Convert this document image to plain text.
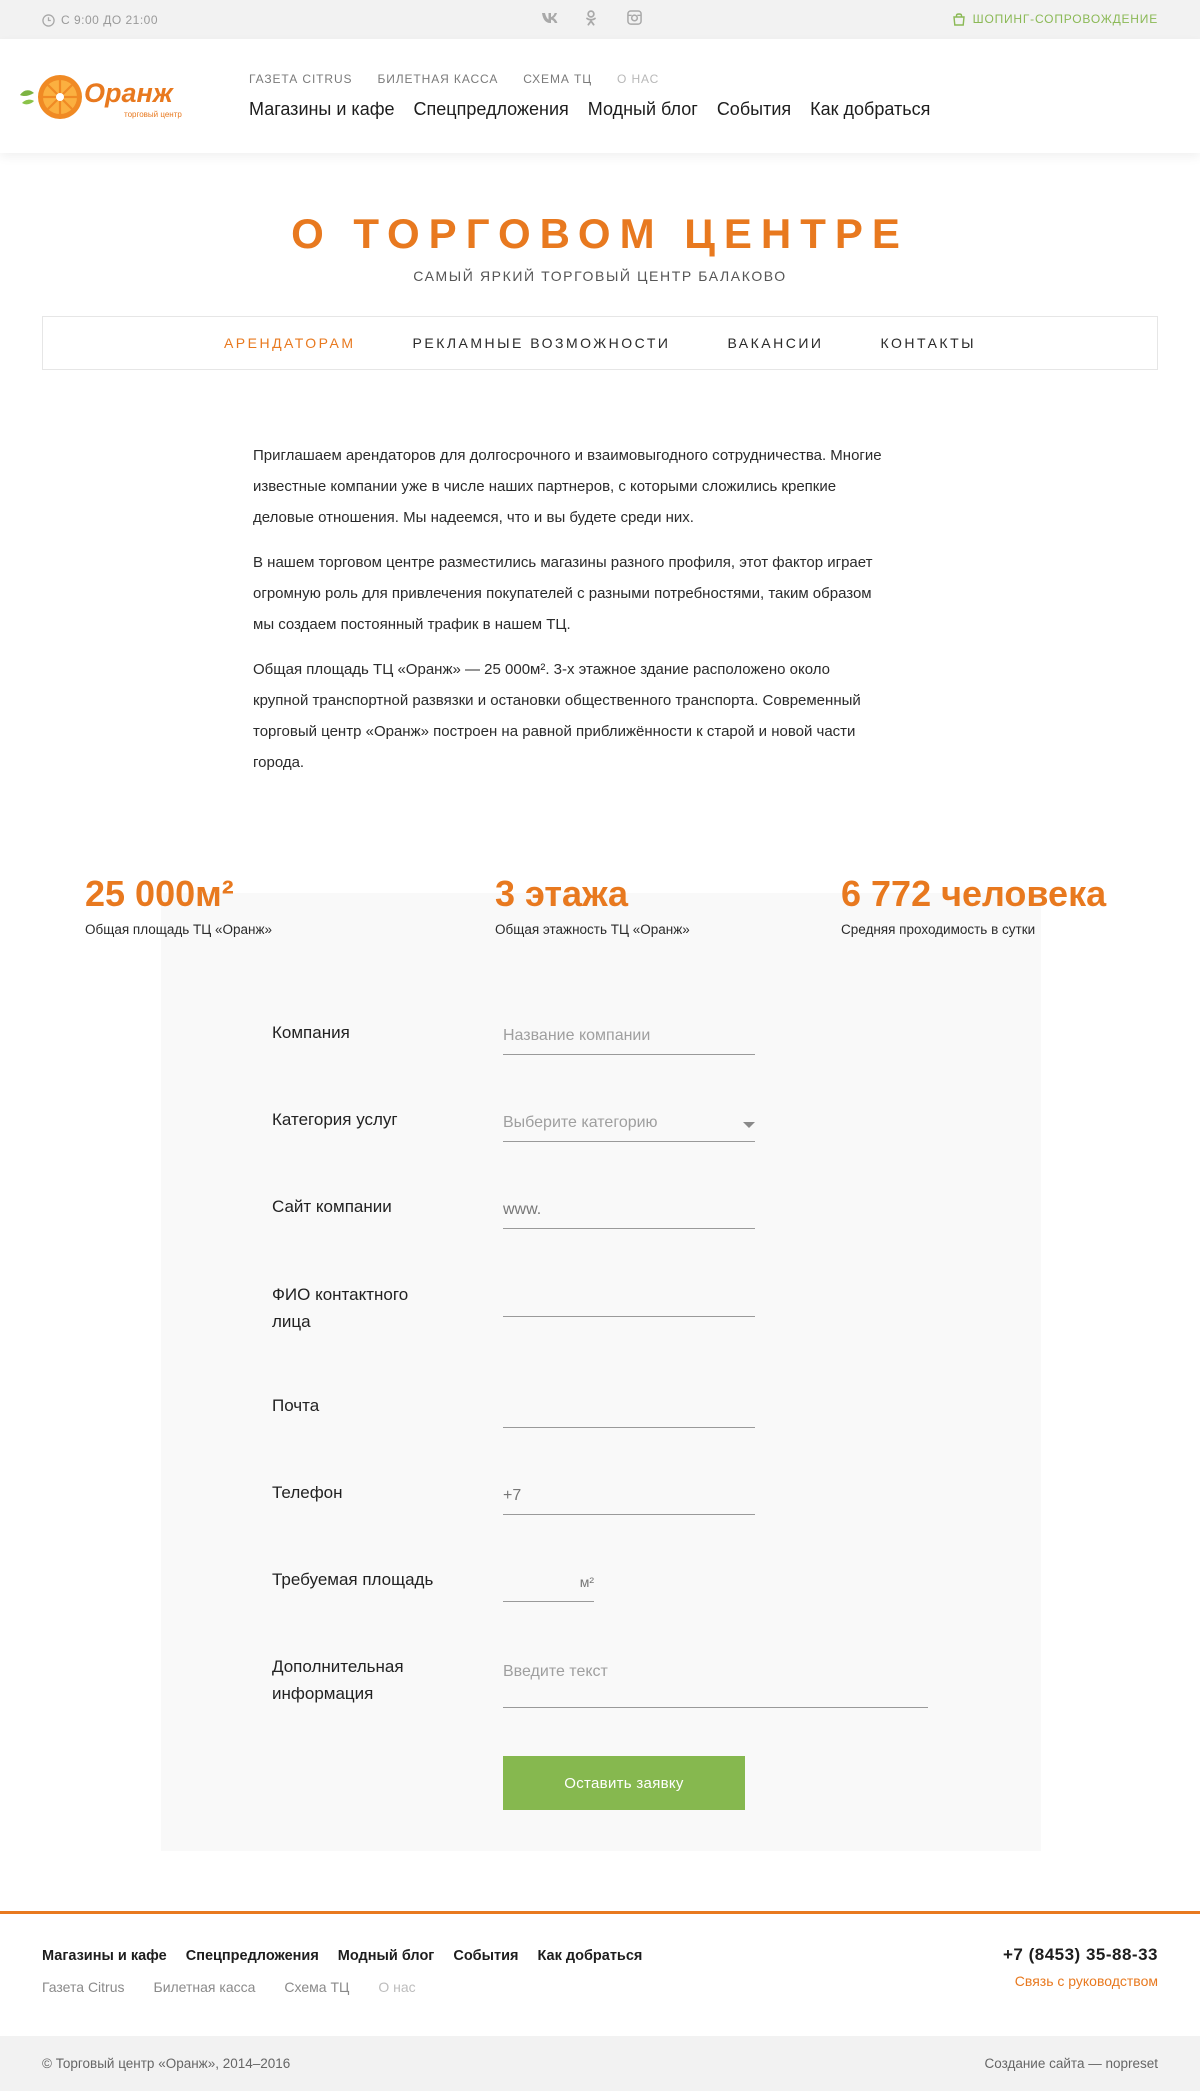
С 9:00 ДО 21:00	ШОПИНГ-СОПРОВОЖДЕНИЕ
Оранж
торговый центр
ГАЗЕТА CITRUS БИЛЕТНАЯ КАССА СХЕМА ТЦ О НАС
Магазины и кафе Спецпредложения Модный блог События Как добраться
О ТОРГОВОМ ЦЕНТРЕ
САМЫЙ ЯРКИЙ ТОРГОВЫЙ ЦЕНТР БАЛАКОВО
АРЕНДАТОРАМ	РЕКЛАМНЫЕ ВОЗМОЖНОСТИ	ВАКАНСИИ	КОНТАКТЫ

Приглашаем арендаторов для долгосрочного и взаимовыгодного сотрудничества. Многие
известные компании уже в числе наших партнеров, с которыми сложились крепкие
деловые отношения. Мы надеемся, что и вы будете среди них.

В нашем торговом центре разместились магазины разного профиля, этот фактор играет
огромную роль для привлечения покупателей с разными потребностями, таким образом
мы создаем постоянный трафик в нашем ТЦ.

Общая площадь ТЦ «Оранж» — 25 000м². 3-х этажное здание расположено около
крупной транспортной развязки и остановки общественного транспорта. Современный
торговый центр «Оранж» построен на равной приближённости к старой и новой части
города.

25 000м²
Общая площадь ТЦ «Оранж»
3 этажа
Общая этажность ТЦ «Оранж»
6 772 человека
Средняя проходимость в сутки
Компания	Название компании
Категория услуг	Выберите категорию
Сайт компании	www.
ФИО контактного лица
Почта
Телефон	+7
Требуемая площадь	м²
Дополнительная информация
Введите текст
Оставить заявку
Магазины и кафе Спецпредложения Модный блог События Как добраться
Газета Citrus Билетная касса Схема ТЦ О нас
+7 (8453) 35-88-33
Связь с руководством
© Торговый центр «Оранж», 2014–2016	Создание сайта — nopreset
